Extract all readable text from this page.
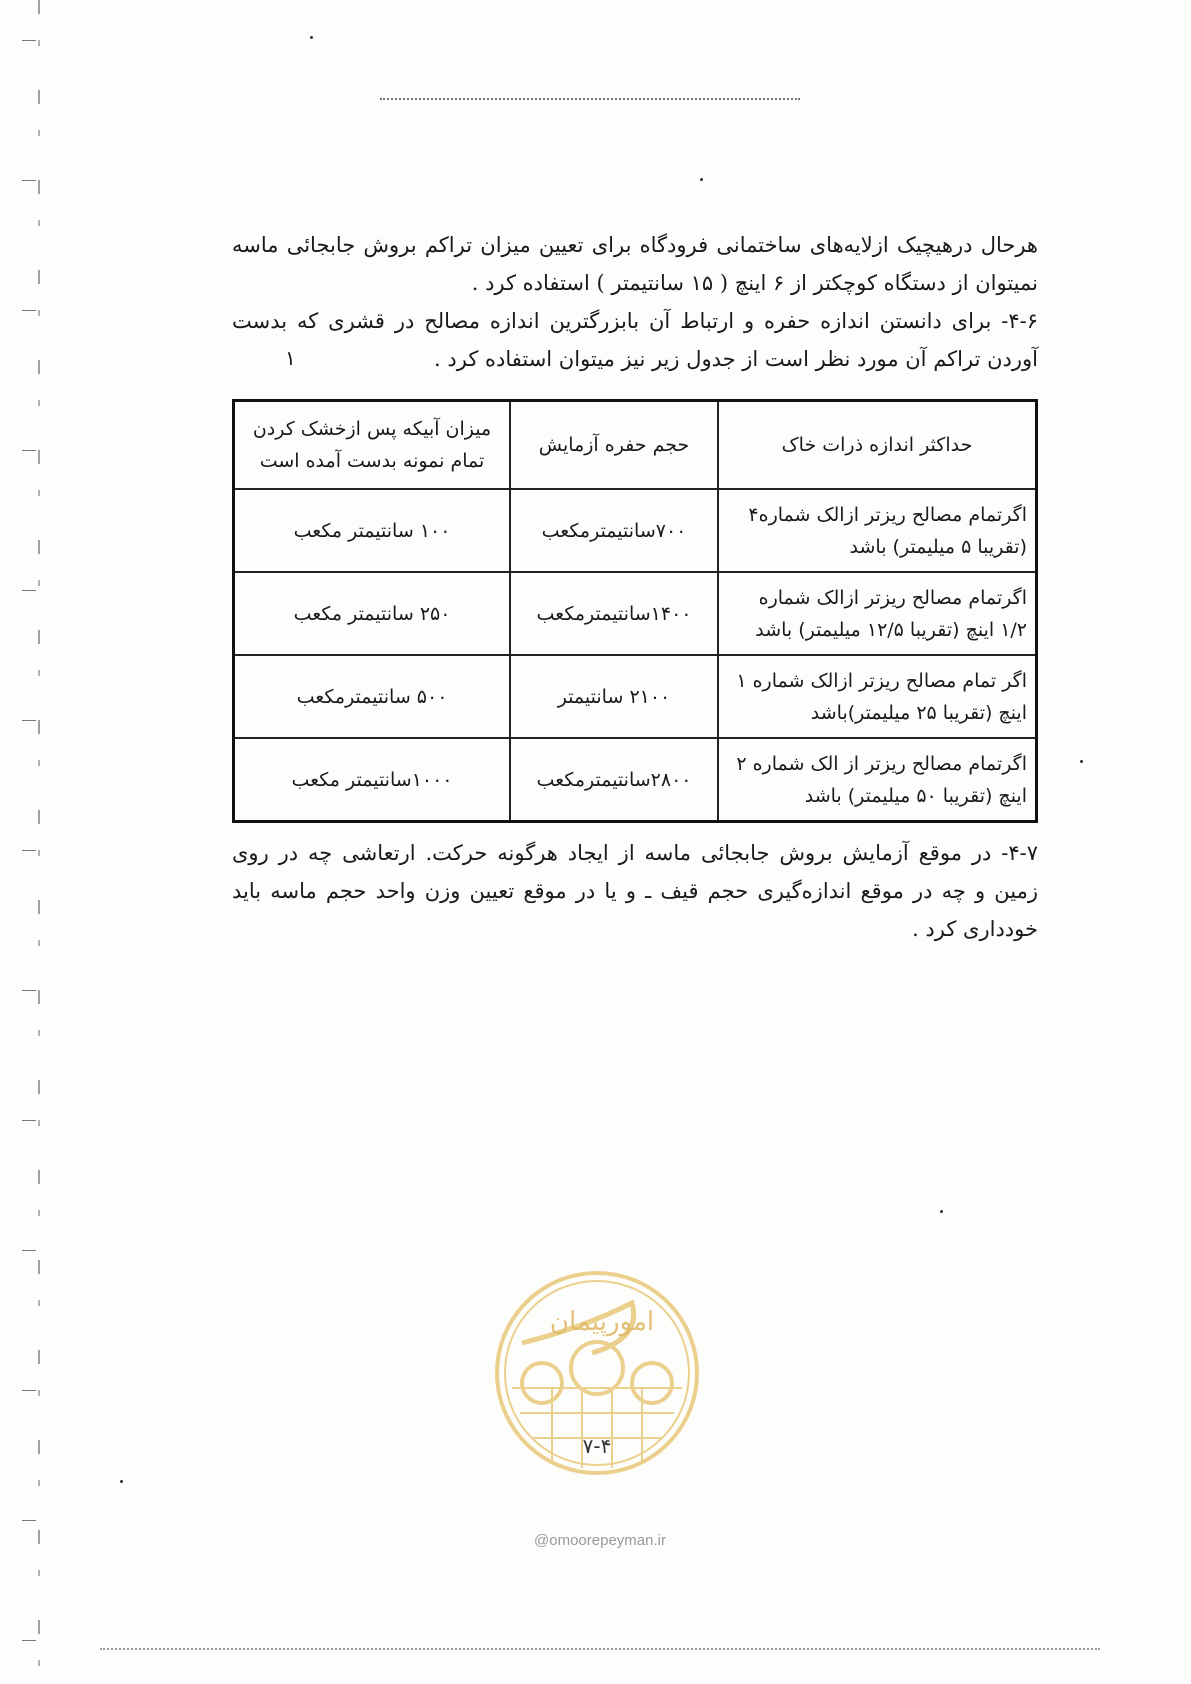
هرحال درهیچیک ازلایه‌های ساختمانی فرودگاه برای تعیین میزان تراکم بروش جابجائی ماسه نمیتوان از دستگاه کوچکتر از ۶ اینچ ( ۱۵ سانتیمتر ) استفاده کرد .

۴-۶- برای دانستن اندازه حفره و ارتباط آن بابزرگترین اندازه مصالح در قشری که بدست آوردن تراکم آن مورد نظر است از جدول زیر نیز میتوان استفاده کرد .

۱
حداکثر اندازه ذرات خاک	حجم حفره آزمایش	میزان آبیکه پس ازخشک کردن تمام نمونه بدست آمده است
اگرتمام مصالح ریزتر ازالک شماره۴ (تقریبا ۵ میلیمتر) باشد	۷۰۰سانتیمترمکعب	۱۰۰ سانتیمتر مکعب
اگرتمام مصالح ریزتر ازالک شماره ۱/۲ اینچ (تقریبا ۱۲/۵ میلیمتر) باشد	۱۴۰۰سانتیمترمکعب	۲۵۰ سانتیمتر مکعب
اگر تمام مصالح ریزتر ازالک شماره ۱ اینچ (تقریبا ۲۵ میلیمتر)باشد	۲۱۰۰ سانتیمتر	۵۰۰ سانتیمترمکعب
اگرتمام مصالح ریزتر از الک شماره ۲ اینچ (تقریبا ۵۰ میلیمتر) باشد	۲۸۰۰سانتیمترمکعب	۱۰۰۰سانتیمتر مکعب

۴-۷- در موقع آزمایش بروش جابجائی ماسه از ایجاد هرگونه حرکت. ارتعاشی چه در روی زمین و چه در موقع اندازه‌گیری حجم قیف ـ و یا در موقع تعیین وزن واحد حجم ماسه باید خودداری کرد .

امورپیمان
۷-۴
@omoorepeyman.ir
